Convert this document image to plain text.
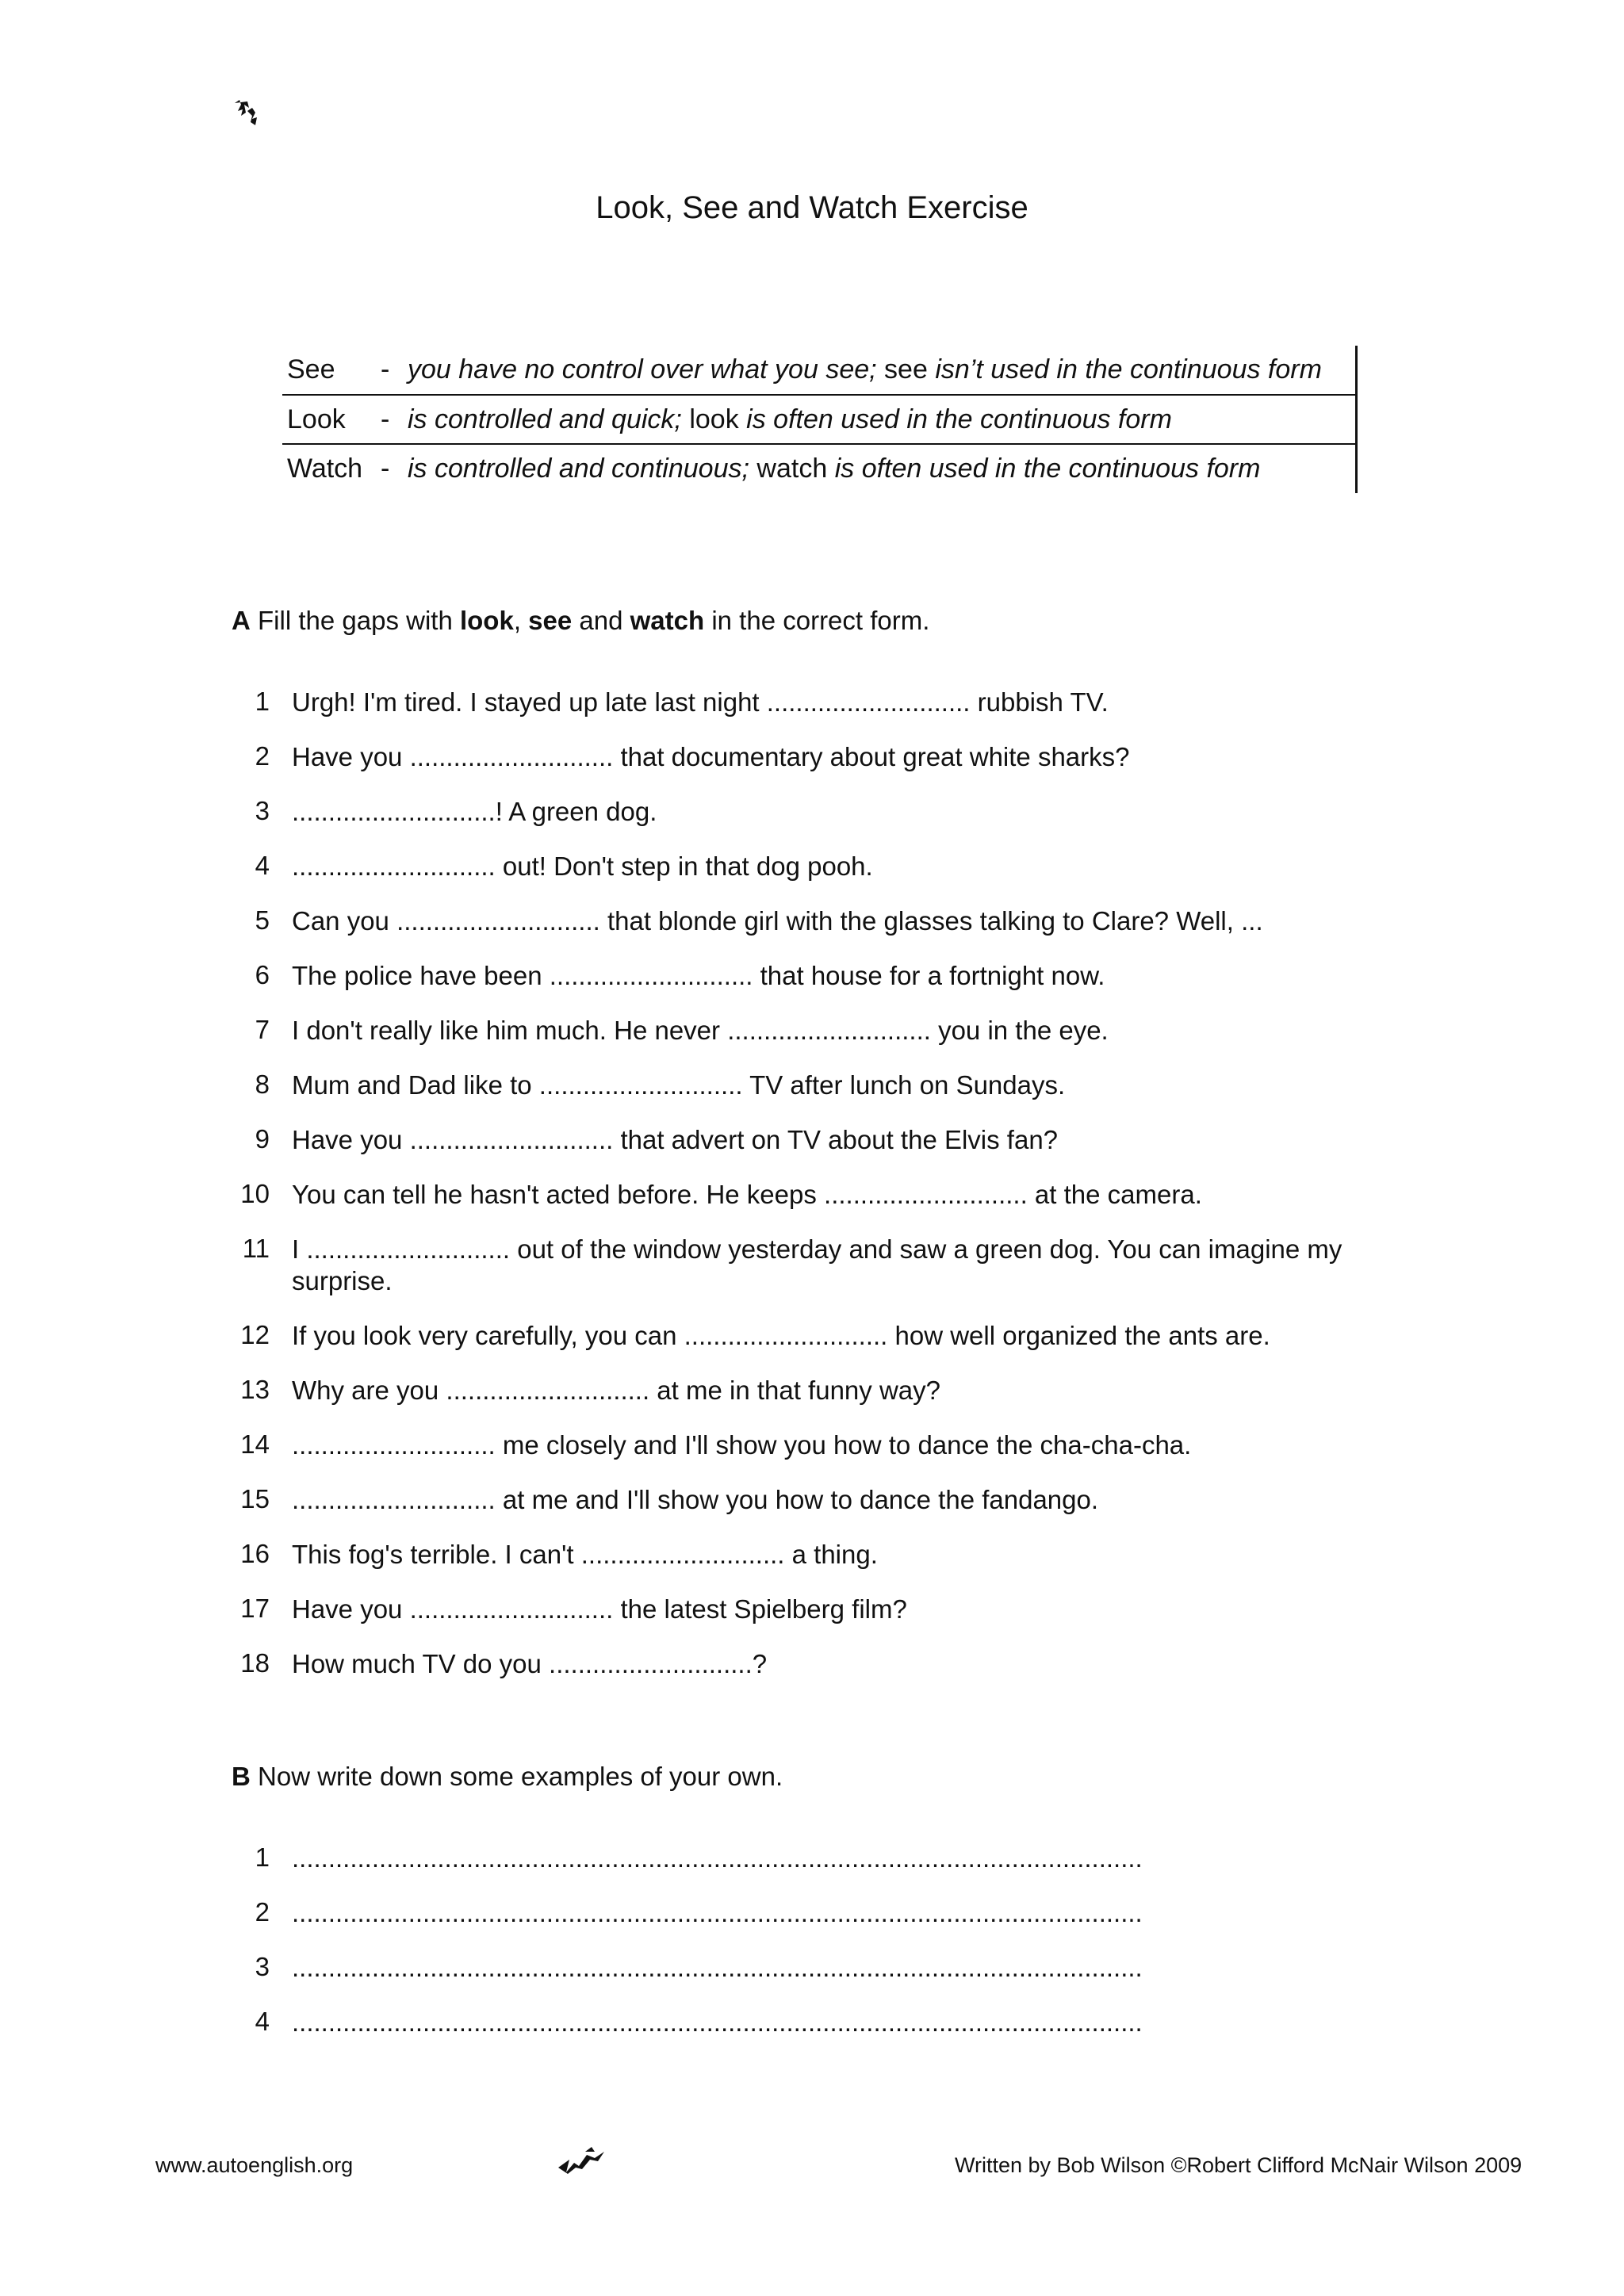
Look, See and Watch Exercise
See	-	you have no control over what you see; see isn’t used in the continuous form
Look	-	is controlled and quick; look is often used in the continuous form
Watch	-	is controlled and continuous; watch is often used in the continuous form
A Fill the gaps with look, see and watch in the correct form.
1 Urgh! I'm tired. I stayed up late last night ............................ rubbish TV.
2 Have you ............................ that documentary about great white sharks?
3 ............................! A green dog.
4 ............................ out! Don't step in that dog pooh.
5 Can you ............................ that blonde girl with the glasses talking to Clare? Well, ...
6 The police have been ............................ that house for a fortnight now.
7 I don't really like him much. He never ............................ you in the eye.
8 Mum and Dad like to ............................ TV after lunch on Sundays.
9 Have you ............................ that advert on TV about the Elvis fan?
10 You can tell he hasn't acted before. He keeps ............................ at the camera.
11 I ............................ out of the window yesterday and saw a green dog. You can imagine my surprise.
12 If you look very carefully, you can ............................ how well organized the ants are.
13 Why are you ............................ at me in that funny way?
14 ............................ me closely and I'll show you how to dance the cha-cha-cha.
15 ............................ at me and I'll show you how to dance the fandango.
16 This fog's terrible. I can't ............................ a thing.
17 Have you ............................ the latest Spielberg film?
18 How much TV do you ............................?
B Now write down some examples of your own.
1 .....................................................................................................................
2 .....................................................................................................................
3 .....................................................................................................................
4 .....................................................................................................................
www.autoenglish.org	Written by Bob Wilson ©Robert Clifford McNair Wilson 2009
